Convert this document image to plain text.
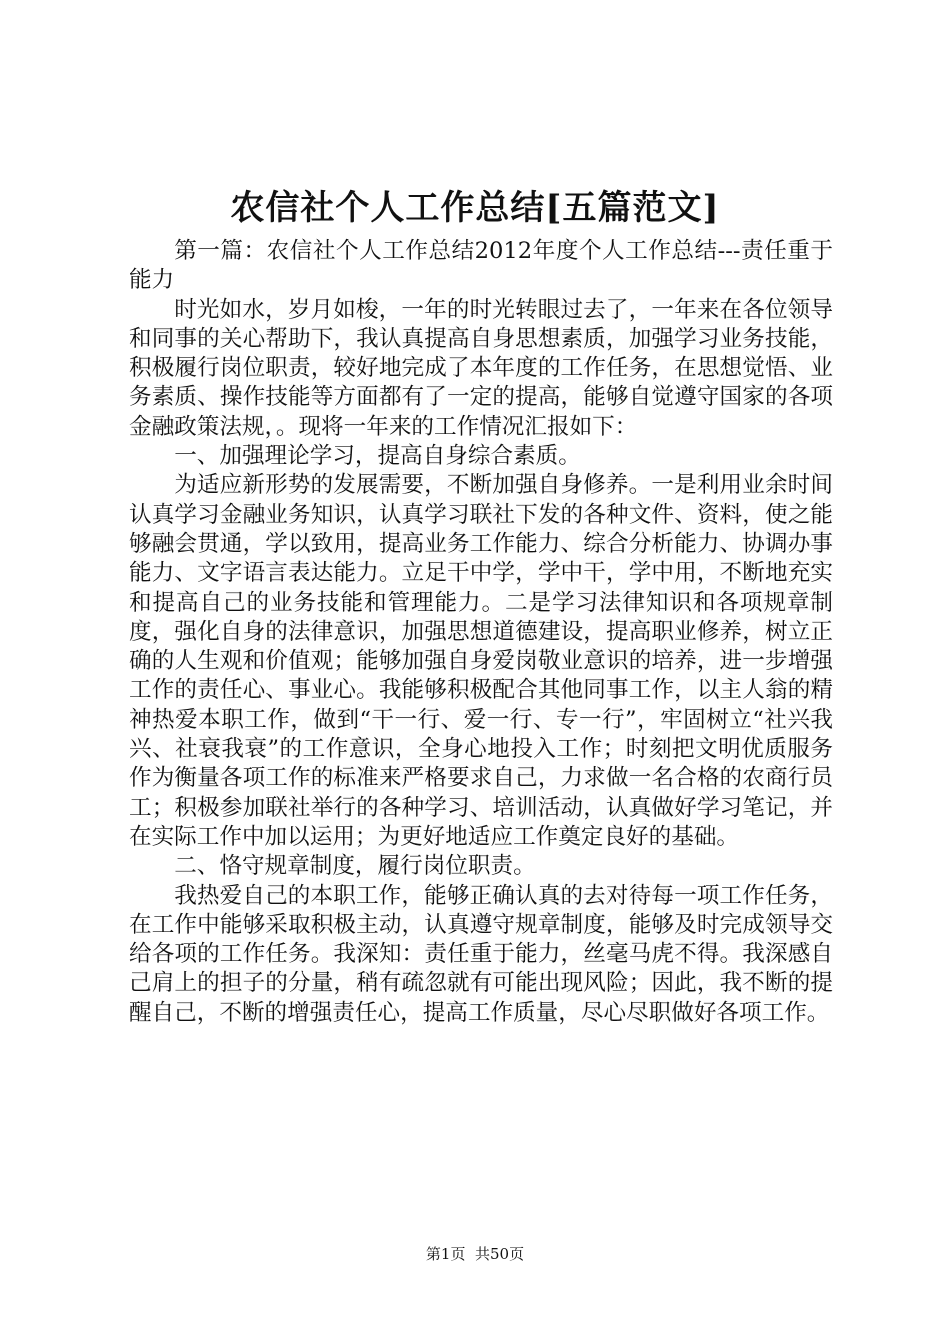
农信社个人工作总结[五篇范文]

第一篇：农信社个人工作总结2012年度个人工作总结---责任重于能力

时光如水，岁月如梭，一年的时光转眼过去了，一年来在各位领导和同事的关心帮助下，我认真提高自身思想素质，加强学习业务技能，积极履行岗位职责，较好地完成了本年度的工作任务，在思想觉悟、业务素质、操作技能等方面都有了一定的提高，能够自觉遵守国家的各项金融政策法规，。现将一年来的工作情况汇报如下：

一、加强理论学习，提高自身综合素质。

为适应新形势的发展需要，不断加强自身修养。一是利用业余时间认真学习金融业务知识，认真学习联社下发的各种文件、资料，使之能够融会贯通，学以致用，提高业务工作能力、综合分析能力、协调办事能力、文字语言表达能力。立足干中学，学中干，学中用，不断地充实和提高自己的业务技能和管理能力。二是学习法律知识和各项规章制度，强化自身的法律意识，加强思想道德建设，提高职业修养，树立正确的人生观和价值观；能够加强自身爱岗敬业意识的培养，进一步增强工作的责任心、事业心。我能够积极配合其他同事工作，以主人翁的精神热爱本职工作，做到“干一行、爱一行、专一行”，牢固树立“社兴我兴、社衰我衰”的工作意识，全身心地投入工作；时刻把文明优质服务作为衡量各项工作的标准来严格要求自己，力求做一名合格的农商行员工；积极参加联社举行的各种学习、培训活动，认真做好学习笔记，并在实际工作中加以运用；为更好地适应工作奠定良好的基础。

二、恪守规章制度，履行岗位职责。

我热爱自己的本职工作，能够正确认真的去对待每一项工作任务，在工作中能够采取积极主动，认真遵守规章制度，能够及时完成领导交给各项的工作任务。我深知：责任重于能力，丝毫马虎不得。我深感自己肩上的担子的分量，稍有疏忽就有可能出现风险；因此，我不断的提醒自己，不断的增强责任心，提高工作质量，尽心尽职做好各项工作。

第1页 共50页
